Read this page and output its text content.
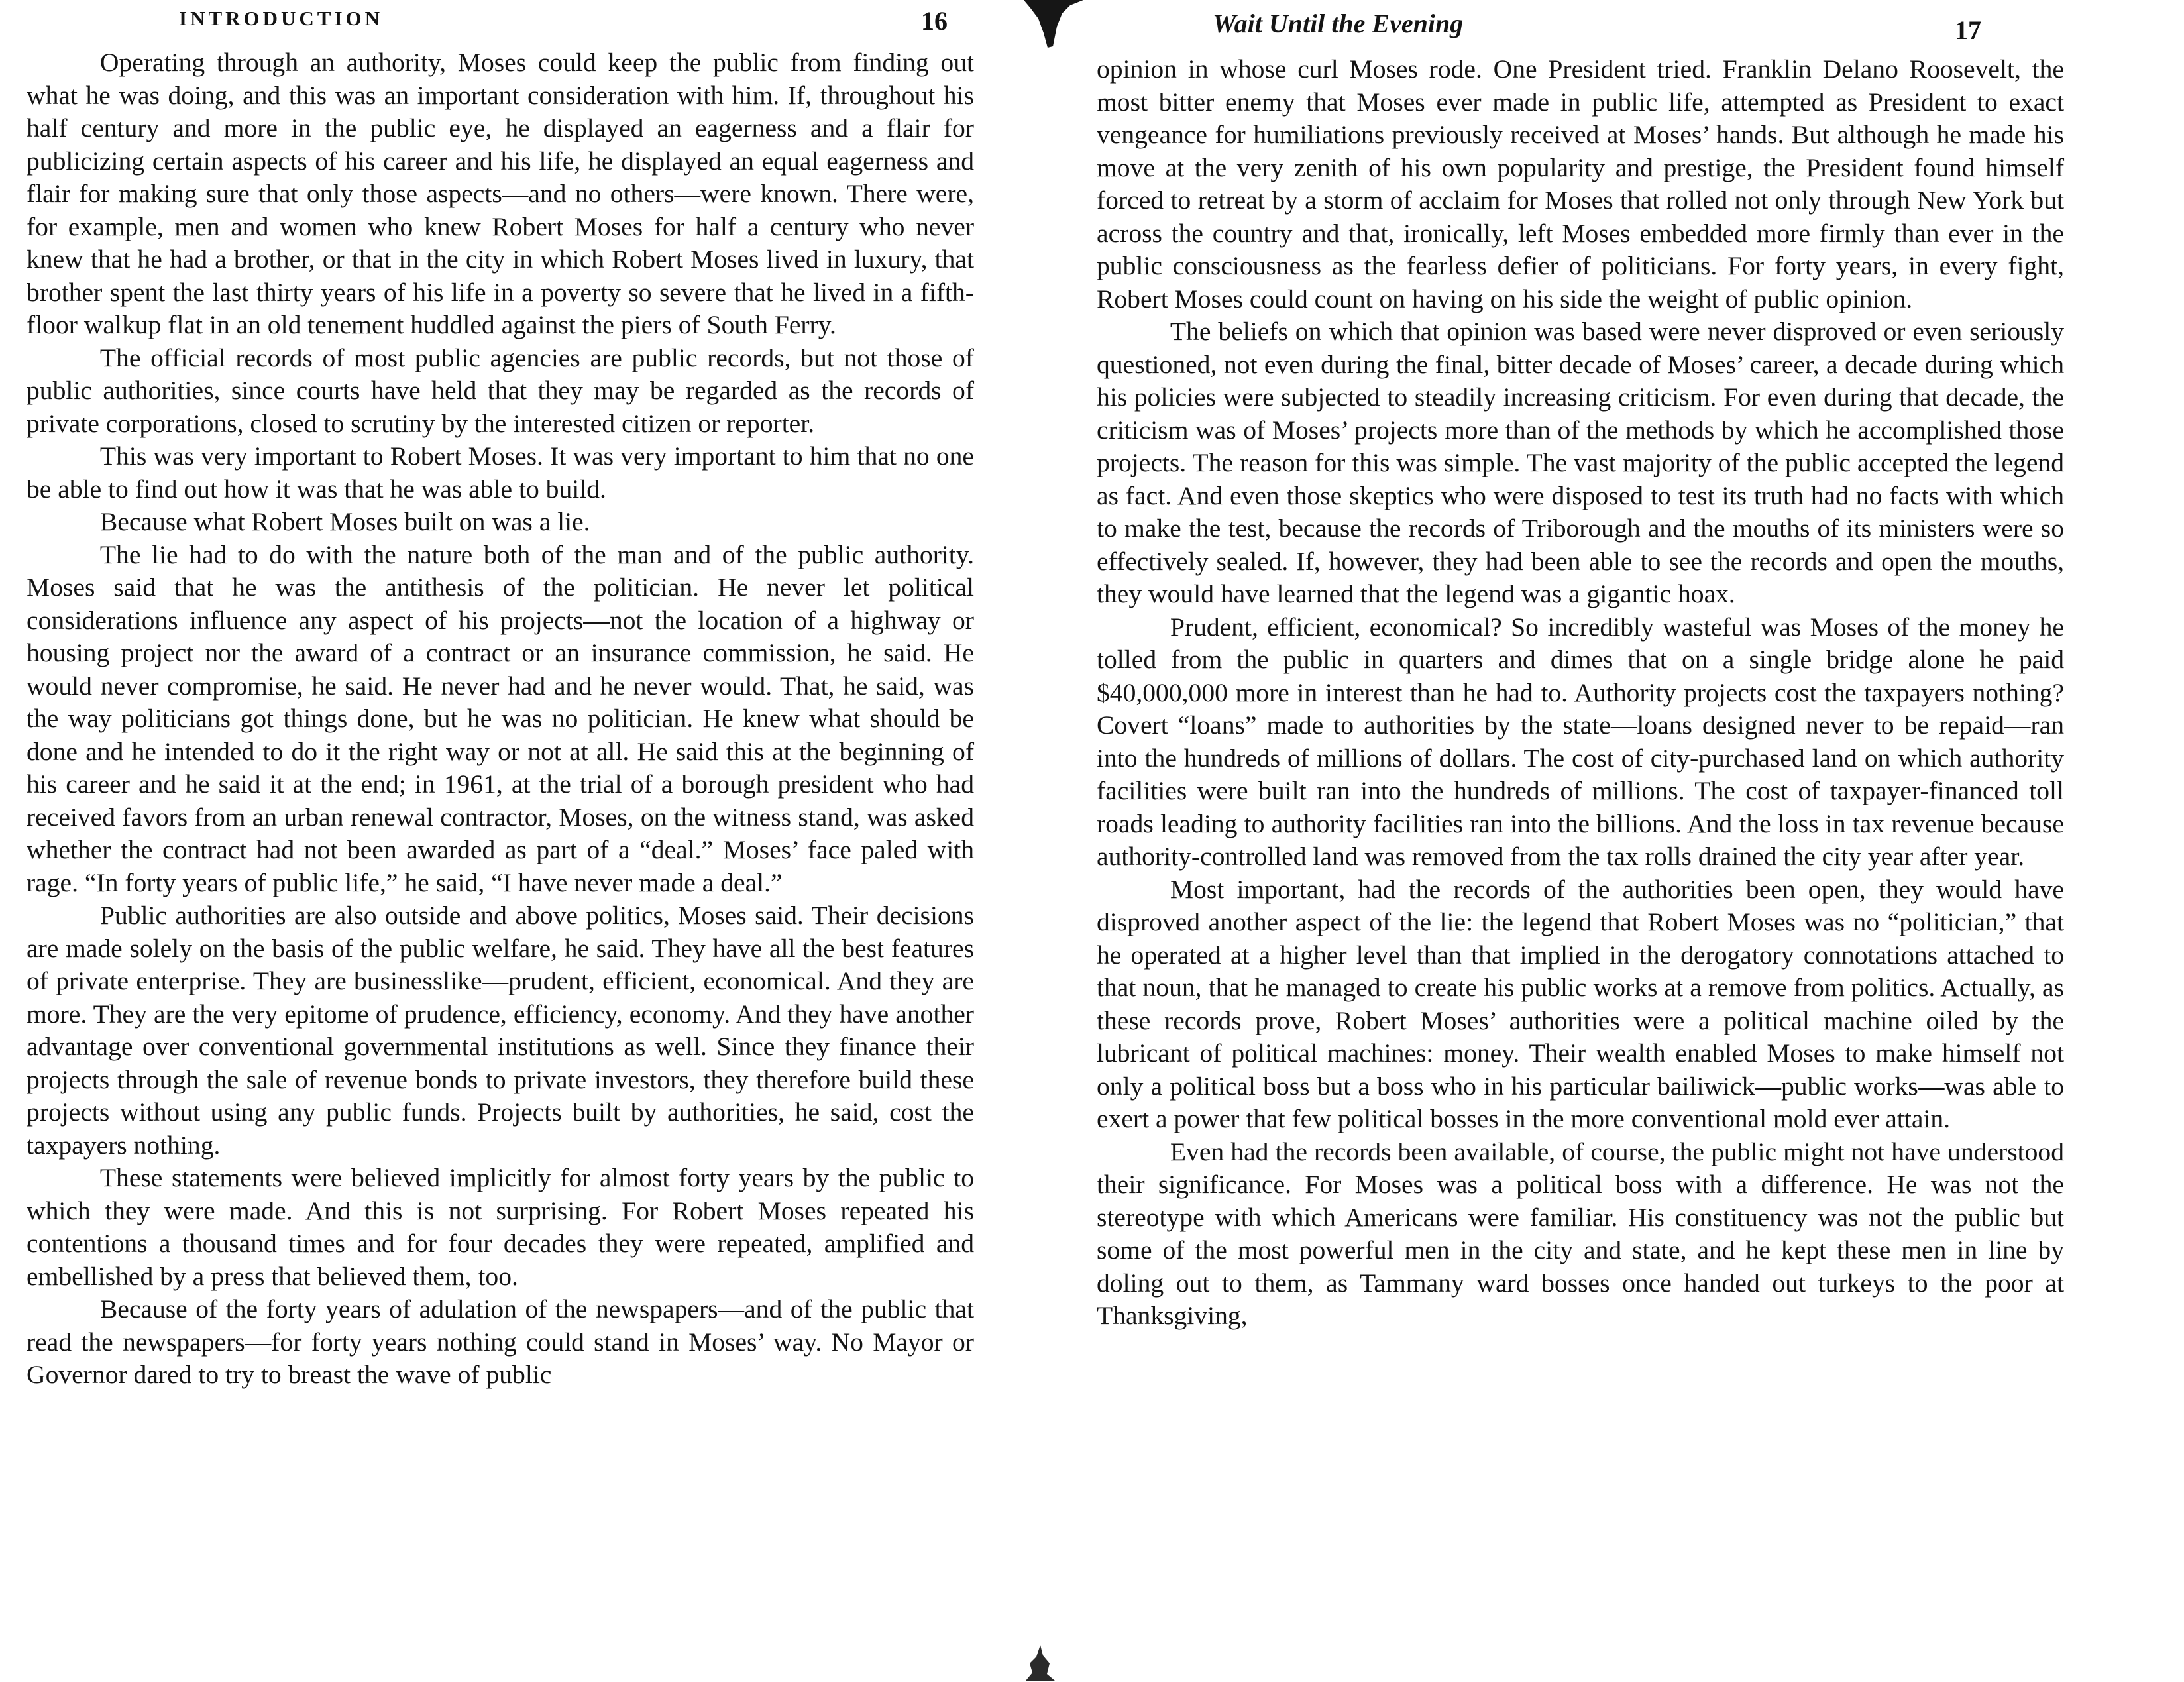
INTRODUCTION	16

Operating through an authority, Moses could keep the public from finding out what he was doing, and this was an important consideration with him. If, throughout his half century and more in the public eye, he displayed an eagerness and a flair for publicizing certain aspects of his career and his life, he displayed an equal eagerness and flair for making sure that only those aspects—and no others—were known. There were, for example, men and women who knew Robert Moses for half a century who never knew that he had a brother, or that in the city in which Robert Moses lived in luxury, that brother spent the last thirty years of his life in a poverty so severe that he lived in a fifth-floor walkup flat in an old tenement huddled against the piers of South Ferry.

The official records of most public agencies are public records, but not those of public authorities, since courts have held that they may be regarded as the records of private corporations, closed to scrutiny by the interested citizen or reporter.

This was very important to Robert Moses. It was very important to him that no one be able to find out how it was that he was able to build.

Because what Robert Moses built on was a lie.

The lie had to do with the nature both of the man and of the public authority. Moses said that he was the antithesis of the politician. He never let political considerations influence any aspect of his projects—not the location of a highway or housing project nor the award of a contract or an insurance commission, he said. He would never compromise, he said. He never had and he never would. That, he said, was the way politicians got things done, but he was no politician. He knew what should be done and he intended to do it the right way or not at all. He said this at the beginning of his career and he said it at the end; in 1961, at the trial of a borough president who had received favors from an urban renewal contractor, Moses, on the witness stand, was asked whether the contract had not been awarded as part of a “deal.” Moses’ face paled with rage. “In forty years of public life,” he said, “I have never made a deal.”

Public authorities are also outside and above politics, Moses said. Their decisions are made solely on the basis of the public welfare, he said. They have all the best features of private enterprise. They are businesslike—prudent, efficient, economical. And they are more. They are the very epitome of prudence, efficiency, economy. And they have another advantage over conventional governmental institutions as well. Since they finance their projects through the sale of revenue bonds to private investors, they therefore build these projects without using any public funds. Projects built by authorities, he said, cost the taxpayers nothing.

These statements were believed implicitly for almost forty years by the public to which they were made. And this is not surprising. For Robert Moses repeated his contentions a thousand times and for four decades they were repeated, amplified and embellished by a press that believed them, too.

Because of the forty years of adulation of the newspapers—and of the public that read the newspapers—for forty years nothing could stand in Moses’ way. No Mayor or Governor dared to try to breast the wave of public

Wait Until the Evening	17

opinion in whose curl Moses rode. One President tried. Franklin Delano Roosevelt, the most bitter enemy that Moses ever made in public life, attempted as President to exact vengeance for humiliations previously received at Moses’ hands. But although he made his move at the very zenith of his own popularity and prestige, the President found himself forced to retreat by a storm of acclaim for Moses that rolled not only through New York but across the country and that, ironically, left Moses embedded more firmly than ever in the public consciousness as the fearless defier of politicians. For forty years, in every fight, Robert Moses could count on having on his side the weight of public opinion.

The beliefs on which that opinion was based were never disproved or even seriously questioned, not even during the final, bitter decade of Moses’ career, a decade during which his policies were subjected to steadily increasing criticism. For even during that decade, the criticism was of Moses’ projects more than of the methods by which he accomplished those projects. The reason for this was simple. The vast majority of the public accepted the legend as fact. And even those skeptics who were disposed to test its truth had no facts with which to make the test, because the records of Triborough and the mouths of its ministers were so effectively sealed. If, however, they had been able to see the records and open the mouths, they would have learned that the legend was a gigantic hoax.

Prudent, efficient, economical? So incredibly wasteful was Moses of the money he tolled from the public in quarters and dimes that on a single bridge alone he paid $40,000,000 more in interest than he had to. Authority projects cost the taxpayers nothing? Covert “loans” made to authorities by the state—loans designed never to be repaid—ran into the hundreds of millions of dollars. The cost of city-purchased land on which authority facilities were built ran into the hundreds of millions. The cost of taxpayer-financed toll roads leading to authority facilities ran into the billions. And the loss in tax revenue because authority-controlled land was removed from the tax rolls drained the city year after year.

Most important, had the records of the authorities been open, they would have disproved another aspect of the lie: the legend that Robert Moses was no “politician,” that he operated at a higher level than that implied in the derogatory connotations attached to that noun, that he managed to create his public works at a remove from politics. Actually, as these records prove, Robert Moses’ authorities were a political machine oiled by the lubricant of political machines: money. Their wealth enabled Moses to make himself not only a political boss but a boss who in his particular bailiwick—public works—was able to exert a power that few political bosses in the more conventional mold ever attain.

Even had the records been available, of course, the public might not have understood their significance. For Moses was a political boss with a difference. He was not the stereotype with which Americans were familiar. His constituency was not the public but some of the most powerful men in the city and state, and he kept these men in line by doling out to them, as Tammany ward bosses once handed out turkeys to the poor at Thanksgiving,
